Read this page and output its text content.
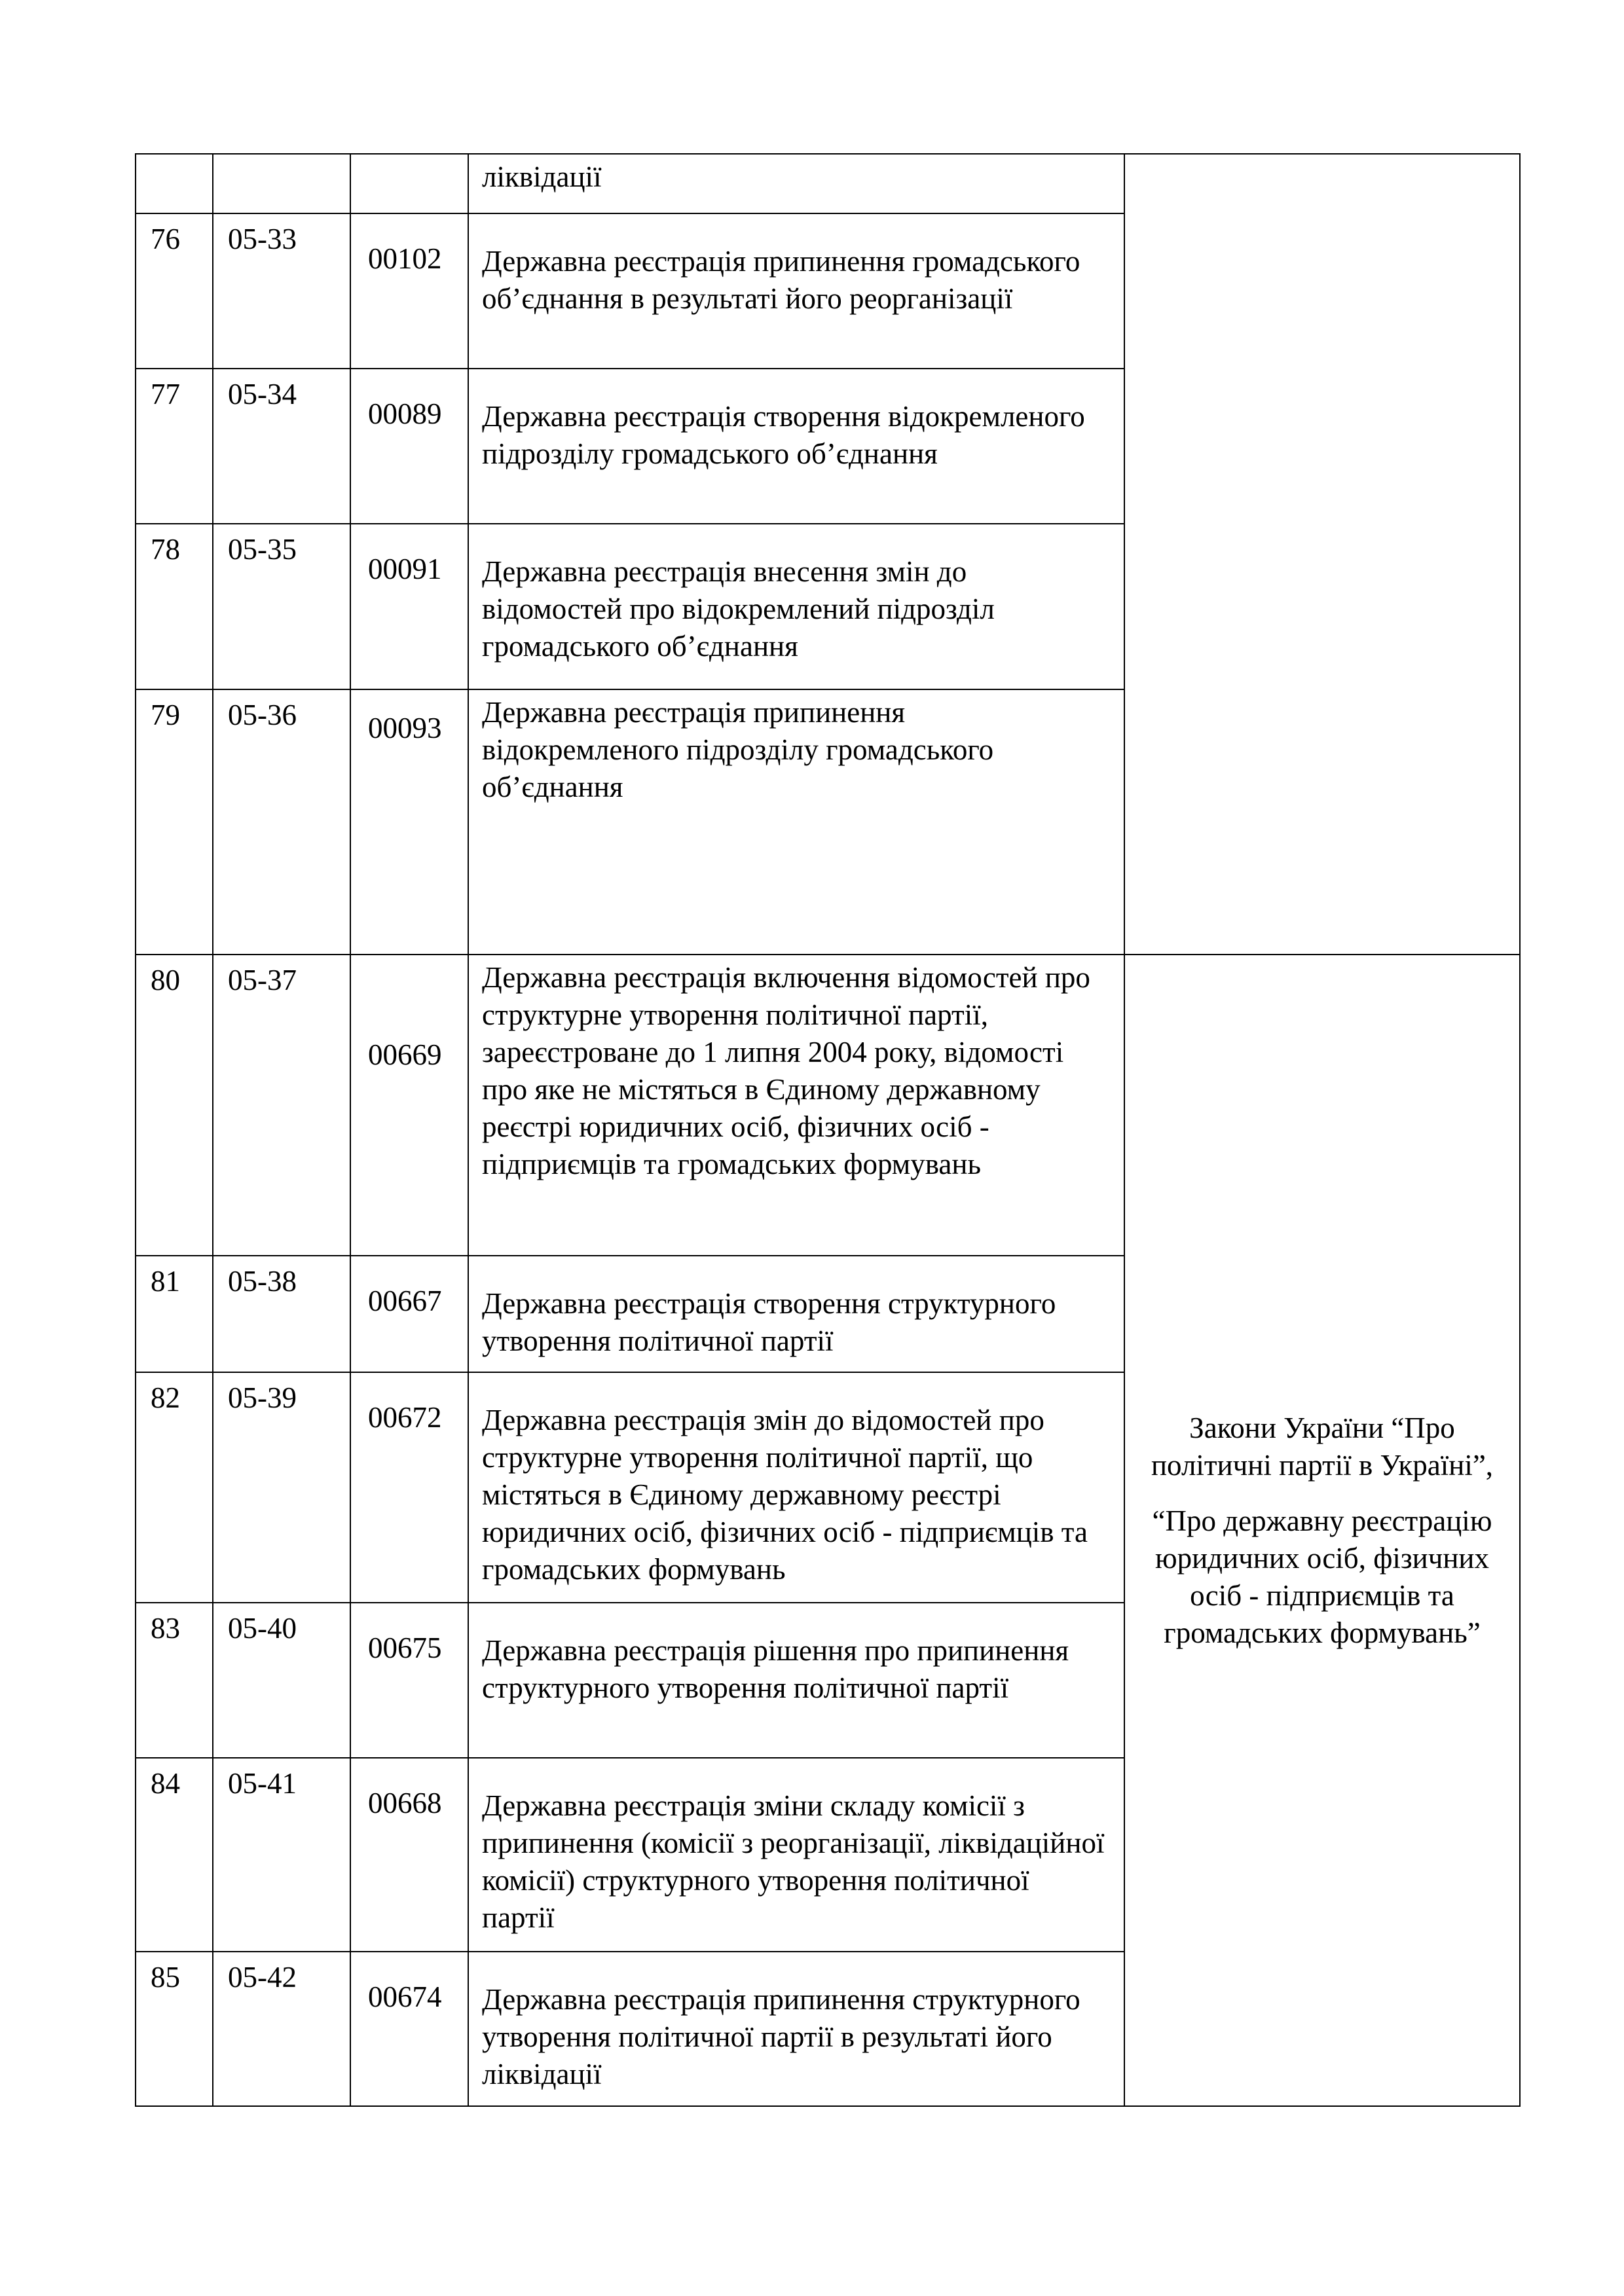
			ліквідації	

76	05-33	00102	Державна реєстрація припинення громадського об’єднання в результаті його реорганізації	

77	05-34	00089	Державна реєстрація створення відокремленого підрозділу громадського об’єднання	

78	05-35	00091	Державна реєстрація внесення змін до відомостей про відокремлений підрозділ громадського об’єднання	

79	05-36	00093	Державна реєстрація припинення відокремленого підрозділу громадського об’єднання	

80	05-37	00669	Державна реєстрація включення відомостей про структурне утворення політичної партії, зареєстроване до 1 липня 2004 року, відомості про яке не містяться в Єдиному державному реєстрі юридичних осіб, фізичних осіб - підприємців та громадських формувань	Закони України “Про політичні партії в Україні”,

“Про державну реєстрацію юридичних осіб, фізичних осіб - підприємців та громадських формувань”

81	05-38	00667	Державна реєстрація створення структурного утворення політичної партії	

82	05-39	00672	Державна реєстрація змін до відомостей про структурне утворення політичної партії, що містяться в Єдиному державному реєстрі юридичних осіб, фізичних осіб - підприємців та громадських формувань	

83	05-40	00675	Державна реєстрація рішення про припинення структурного утворення політичної партії	

84	05-41	00668	Державна реєстрація зміни складу комісії з припинення (комісії з реорганізації, ліквідаційної комісії) структурного утворення політичної партії	

85	05-42	00674	Державна реєстрація припинення структурного утворення політичної партії в результаті його ліквідації	
